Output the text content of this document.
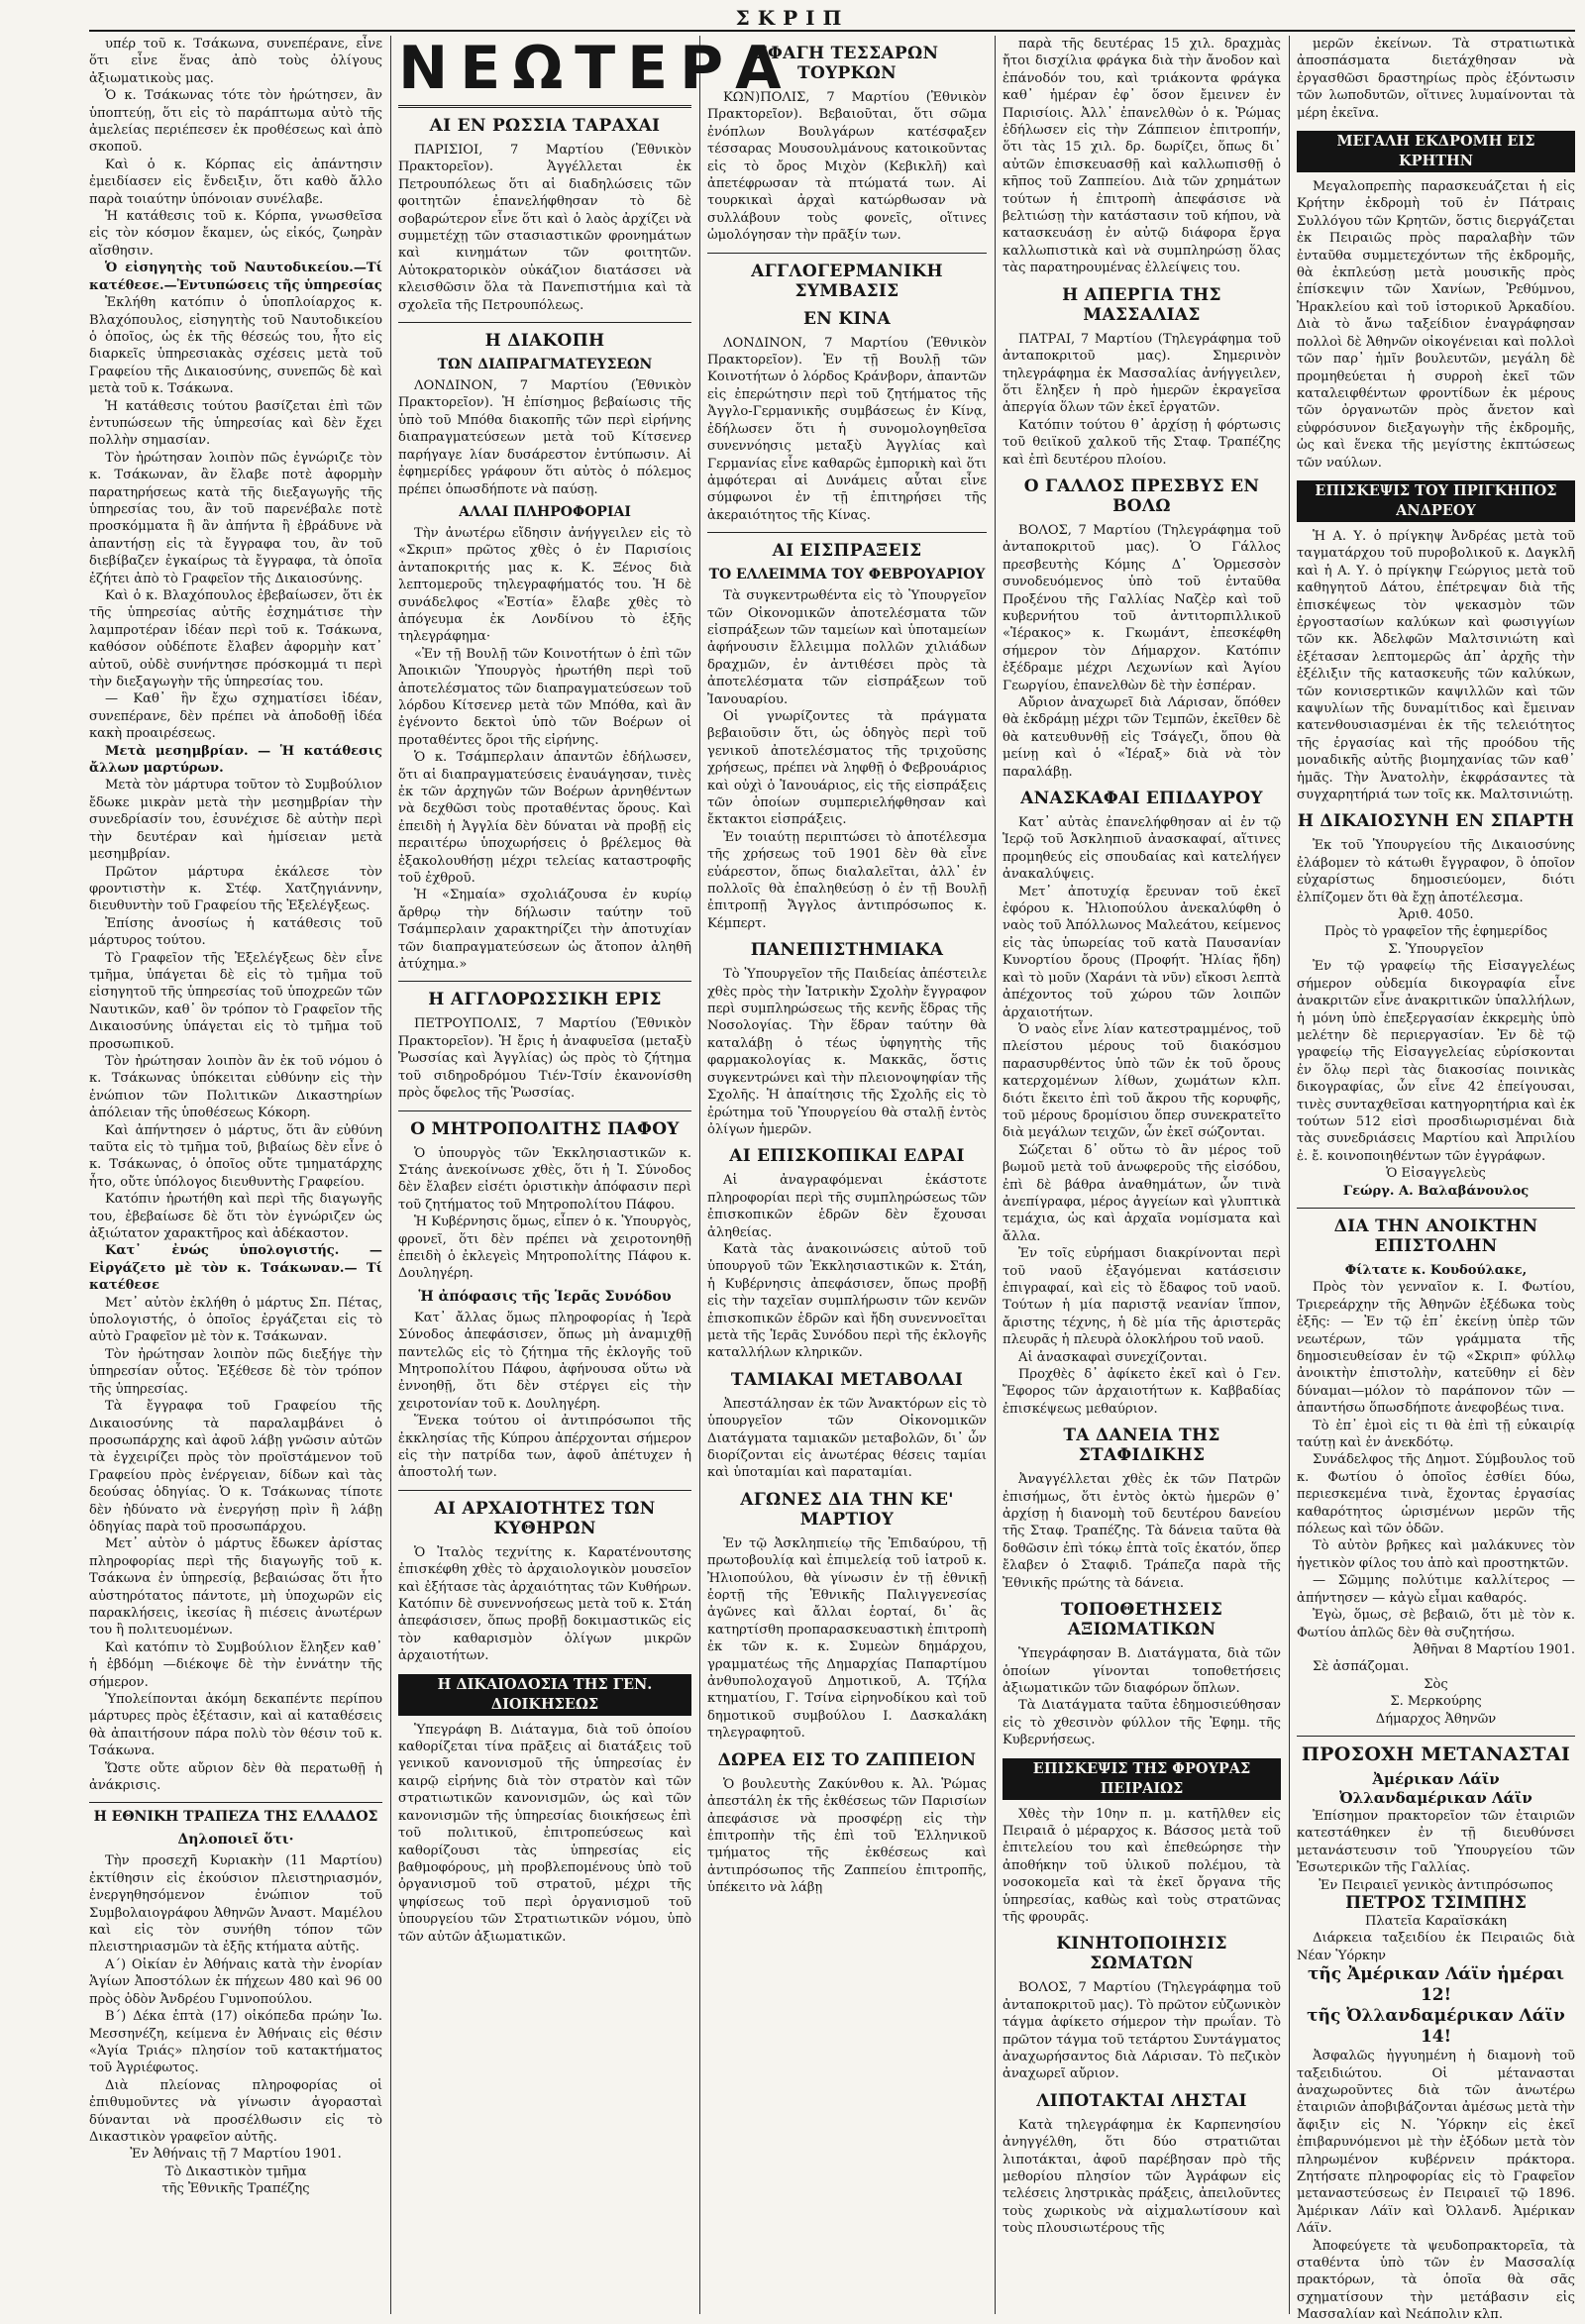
ΣΚΡΙΠ

υπέρ τοῦ κ. Τσάκωνα, συνεπέρανε, εἶνε ὅτι εἶνε ἕνας ἀπὸ τοὺς ὀλίγους ἀξιωματικοὺς μας.

Ὁ κ. Τσάκωνας τότε τὸν ἠρώτησεν, ἂν ὑποπτεύῃ, ὅτι εἰς τὸ παράπτωμα αὐτὸ τῆς ἀμελείας περιέπεσεν ἐκ προθέσεως καὶ ἀπὸ σκοποῦ.

Καὶ ὁ κ. Κόρπας εἰς ἀπάντησιν ἐμειδίασεν εἰς ἔνδειξιν, ὅτι καθὸ ἄλλο παρὰ τοιαύτην ὑπόνοιαν συνέλαβε.

Ἡ κατάθεσις τοῦ κ. Κόρπα, γνωσθεῖσα εἰς τὸν κόσμον ἔκαμεν, ὡς εἰκός, ζωηρὰν αἴσθησιν.

Ὁ εἰσηγητὴς τοῦ Ναυτοδικείου.—Τί κατέθεσε.—Ἐντυπώσεις τῆς ὑπηρεσίας

Ἐκλήθη κατόπιν ὁ ὑποπλοίαρχος κ. Βλαχόπουλος, εἰσηγητὴς τοῦ Ναυτοδικείου ὁ ὁποῖος, ὡς ἐκ τῆς θέσεώς του, ἦτο εἰς διαρκεῖς ὑπηρεσιακὰς σχέσεις μετὰ τοῦ Γραφείου τῆς Δικαιοσύνης, συνεπῶς δὲ καὶ μετὰ τοῦ κ. Τσάκωνα.

Ἡ κατάθεσις τούτου βασίζεται ἐπὶ τῶν ἐντυπώσεων τῆς ὑπηρεσίας καὶ δὲν ἔχει πολλὴν σημασίαν.

Τὸν ἠρώτησαν λοιπὸν πῶς ἐγνώριζε τὸν κ. Τσάκωναν, ἂν ἔλαβε ποτὲ ἀφορμὴν παρατηρήσεως κατὰ τῆς διεξαγωγῆς τῆς ὑπηρεσίας του, ἂν τοῦ παρενέβαλε ποτὲ προσκόμματα ἢ ἂν ἀπήντα ἢ ἐβράδυνε νὰ ἀπαντήσῃ εἰς τὰ ἔγγραφα του, ἂν τοῦ διεβίβαζεν ἐγκαίρως τὰ ἔγγραφα, τὰ ὁποῖα ἐζήτει ἀπὸ τὸ Γραφεῖον τῆς Δικαιοσύνης.

Καὶ ὁ κ. Βλαχόπουλος ἐβεβαίωσεν, ὅτι ἐκ τῆς ὑπηρεσίας αὐτῆς ἐσχημάτισε τὴν λαμπροτέραν ἰδέαν περὶ τοῦ κ. Τσάκωνα, καθόσον οὐδέποτε ἔλαβεν ἀφορμὴν κατ᾿ αὐτοῦ, οὐδὲ συνήντησε πρόσκομμά τι περὶ τὴν διεξαγωγὴν τῆς ὑπηρεσίας του.

— Καθ᾿ ἣν ἔχω σχηματίσει ἰδέαν, συνεπέρανε, δὲν πρέπει νὰ ἀποδοθῇ ἰδέα κακὴ προαιρέσεως.

Μετὰ μεσημβρίαν. — Ἡ κατάθεσις ἄλλων μαρτύρων.

Μετὰ τὸν μάρτυρα τοῦτον τὸ Συμβούλιον ἔδωκε μικρὰν μετὰ τὴν μεσημβρίαν τὴν συνεδρίασίν του, ἐσυνέχισε δὲ αὐτὴν περὶ τὴν δευτέραν καὶ ἡμίσειαν μετὰ μεσημβρίαν.

Πρῶτον μάρτυρα ἐκάλεσε τὸν φροντιστὴν κ. Στέφ. Χατζηγιάννην, διευθυντὴν τοῦ Γραφείου τῆς Ἐξελέγξεως.

Ἐπίσης ἀνοσίως ἡ κατάθεσις τοῦ μάρτυρος τούτου.

Τὸ Γραφεῖον τῆς Ἐξελέγξεως δὲν εἶνε τμῆμα, ὑπάγεται δὲ εἰς τὸ τμῆμα τοῦ εἰσηγητοῦ τῆς ὑπηρεσίας τοῦ ὑποχρεῶν τῶν Ναυτικῶν, καθ᾿ ὃν τρόπον τὸ Γραφεῖον τῆς Δικαιοσύνης ὑπάγεται εἰς τὸ τμῆμα τοῦ προσωπικοῦ.

Τὸν ἠρώτησαν λοιπὸν ἂν ἐκ τοῦ νόμου ὁ κ. Τσάκωνας ὑπόκειται εὐθύνην εἰς τὴν ἐνώπιον τῶν Πολιτικῶν Δικαστηρίων ἀπόλειαν τῆς ὑποθέσεως Κόκορη.

Καὶ ἀπήντησεν ὁ μάρτυς, ὅτι ἂν εὐθύνη ταῦτα εἰς τὸ τμῆμα τοῦ, βιβαίως δὲν εἶνε ὁ κ. Τσάκωνας, ὁ ὁποῖος οὔτε τμηματάρχης ἦτο, οὔτε ὑπόλογος διευθυντὴς Γραφείου.

Κατόπιν ἠρωτήθη καὶ περὶ τῆς διαγωγῆς του, ἐβεβαίωσε δὲ ὅτι τὸν ἐγνώριζεν ὡς ἀξιώτατον χαρακτῆρος καὶ ἀδέκαστον.

Κατ᾿ ἐνώς ὑπολογιστής. — Εἰργάζετο μὲ τὸν κ. Τσάκωναν.— Τί κατέθεσε

Μετ᾿ αὐτὸν ἐκλήθη ὁ μάρτυς Σπ. Πέτας, ὑπολογιστής, ὁ ὁποῖος ἐργάζεται εἰς τὸ αὐτὸ Γραφεῖον μὲ τὸν κ. Τσάκωναν.

Τὸν ἠρώτησαν λοιπὸν πῶς διεξήγε τὴν ὑπηρεσίαν οὗτος. Ἐξέθεσε δὲ τὸν τρόπον τῆς ὑπηρεσίας.

Τὰ ἔγγραφα τοῦ Γραφείου τῆς Δικαιοσύνης τὰ παραλαμβάνει ὁ προσωπάρχης καὶ ἀφοῦ λάβῃ γνῶσιν αὐτῶν τὰ ἐγχειρίζει πρὸς τὸν προϊστάμενον τοῦ Γραφείου πρὸς ἐνέργειαν, δίδων καὶ τὰς δεούσας ὁδηγίας. Ὁ κ. Τσάκωνας τίποτε δὲν ἠδύνατο νὰ ἐνεργήσῃ πρὶν ἢ λάβῃ ὁδηγίας παρὰ τοῦ προσωπάρχου.

Μετ᾿ αὐτὸν ὁ μάρτυς ἔδωκεν ἀρίστας πληροφορίας περὶ τῆς διαγωγῆς τοῦ κ. Τσάκωνα ἐν ὑπηρεσίᾳ, βεβαιώσας ὅτι ἦτο αὐστηρότατος πάντοτε, μὴ ὑποχωρῶν εἰς παρακλήσεις, ἱκεσίας ἢ πιέσεις ἀνωτέρων του ἢ πολιτευομένων.

Καὶ κατόπιν τὸ Συμβούλιον ἔληξεν καθ᾿ ἡ ἑβδόμη —διέκοψε δὲ τὴν ἐννάτην τῆς σήμερον.

Ὑπολείπονται ἀκόμη δεκαπέντε περίπου μάρτυρες πρὸς ἐξέτασιν, καὶ αἱ καταθέσεις θὰ ἀπαιτήσουν πάρα πολὺ τὸν θέσιν τοῦ κ. Τσάκωνα.

Ὥστε οὔτε αὔριον δὲν θὰ περατωθῇ ἡ ἀνάκρισις.

Η ΕΘΝΙΚΗ ΤΡΑΠΕΖΑ ΤΗΣ ΕΛΛΑΔΟΣ
Δηλοποιεῖ ὅτι·

Τὴν προσεχῆ Κυριακὴν (11 Μαρτίου) ἐκτίθησιν εἰς ἐκούσιον πλειστηριασμόν, ἐνεργηθησόμενον ἐνώπιον τοῦ Συμβολαιογράφου Ἀθηνῶν Ἀναστ. Μαμέλου καὶ εἰς τὸν συνήθη τόπον τῶν πλειστηριασμῶν τὰ ἑξῆς κτήματα αὐτῆς.

Α΄) Οἰκίαν ἐν Ἀθήναις κατὰ τὴν ἐνορίαν Ἁγίων Ἀποστόλων ἐκ πήχεων 480 καὶ 96 00 πρὸς ὁδὸν Ἀνδρέου Γυμνοπούλου.

Β΄) Δέκα ἑπτὰ (17) οἰκόπεδα πρώην Ἰω. Μεσσηνέζη, κείμενα ἐν Ἀθήναις εἰς θέσιν «Ἁγία Τριάς» πλησίον τοῦ κατακτήματος τοῦ Ἀγριέφωτος.

Διὰ πλείονας πληροφορίας οἱ ἐπιθυμοῦντες νὰ γίνωσιν ἀγορασταὶ δύνανται νὰ προσέλθωσιν εἰς τὸ Δικαστικὸν γραφεῖον αὐτῆς.

Ἐν Ἀθήναις τῇ 7 Μαρτίου 1901.

Τὸ Δικαστικὸν τμῆμα

τῆς Ἐθνικῆς Τραπέζης

ΝΕΩΤΕΡΑ
ΑΙ ΕΝ ΡΩΣΣΙΑ ΤΑΡΑΧΑΙ

ΠΑΡΙΣΙΟΙ, 7 Μαρτίου (Ἐθνικὸν Πρακτορεῖον). Ἀγγέλλεται ἐκ Πετρουπόλεως ὅτι αἱ διαδηλώσεις τῶν φοιτητῶν ἐπανελήφθησαν τὸ δὲ σοβαρώτερον εἶνε ὅτι καὶ ὁ λαὸς ἀρχίζει νὰ συμμετέχῃ τῶν στασιαστικῶν φρονημάτων καὶ κινημάτων τῶν φοιτητῶν. Αὐτοκρατορικὸν οὐκάζιον διατάσσει νὰ κλεισθῶσιν ὅλα τὰ Πανεπιστήμια καὶ τὰ σχολεῖα τῆς Πετρουπόλεως.

Η ΔΙΑΚΟΠΗ
ΤΩΝ ΔΙΑΠΡΑΓΜΑΤΕΥΣΕΩΝ

ΛΟΝΔΙΝΟΝ, 7 Μαρτίου (Ἐθνικὸν Πρακτορεῖον). Ἡ ἐπίσημος βεβαίωσις τῆς ὑπὸ τοῦ Μπόθα διακοπῆς τῶν περὶ εἰρήνης διαπραγματεύσεων μετὰ τοῦ Κίτσενερ παρήγαγε λίαν δυσάρεστον ἐντύπωσιν. Αἱ ἐφημερίδες γράφουν ὅτι αὐτὸς ὁ πόλεμος πρέπει ὁπωσδήποτε νὰ παύσῃ.

ΑΛΛΑΙ ΠΛΗΡΟΦΟΡΙΑΙ

Τὴν ἀνωτέρω εἴδησιν ἀνήγγειλεν εἰς τὸ «Σκριπ» πρῶτος χθὲς ὁ ἐν Παρισίοις ἀνταποκριτής μας κ. Κ. Ξένος διὰ λεπτομεροῦς τηλεγραφήματός του. Ἡ δὲ συνάδελφος «Ἑστία» ἔλαβε χθὲς τὸ ἀπόγευμα ἐκ Λονδίνου τὸ ἑξῆς τηλεγράφημα·

«Ἐν τῇ Βουλῇ τῶν Κοινοτήτων ὁ ἐπὶ τῶν Ἀποικιῶν Ὑπουργὸς ἠρωτήθη περὶ τοῦ ἀποτελέσματος τῶν διαπραγματεύσεων τοῦ λόρδου Κίτσενερ μετὰ τῶν Μπόθα, καὶ ἂν ἐγένοντο δεκτοὶ ὑπὸ τῶν Βοέρων οἱ προταθέντες ὅροι τῆς εἰρήνης.

Ὁ κ. Τσάμπερλαιν ἀπαντῶν ἐδήλωσεν, ὅτι αἱ διαπραγματεύσεις ἐναυάγησαν, τινὲς ἐκ τῶν ἀρχηγῶν τῶν Βοέρων ἀρνηθέντων νὰ δεχθῶσι τοὺς προταθέντας ὅρους. Καὶ ἐπειδὴ ἡ Ἀγγλία δὲν δύναται νὰ προβῇ εἰς περαιτέρω ὑποχωρήσεις ὁ βρέλεμος θὰ ἐξακολουθήσῃ μέχρι τελείας καταστροφῆς τοῦ ἐχθροῦ.

Ἡ «Σημαία» σχολιάζουσα ἐν κυρίῳ ἄρθρῳ τὴν δήλωσιν ταύτην τοῦ Τσάμπερλαιν χαρακτηρίζει τὴν ἀποτυχίαν τῶν διαπραγματεύσεων ὡς ἄτοπον ἀληθῆ ἀτύχημα.»

Η ΑΓΓΛΟΡΩΣΣΙΚΗ ΕΡΙΣ

ΠΕΤΡΟΥΠΟΛΙΣ, 7 Μαρτίου (Ἐθνικὸν Πρακτορεῖον). Ἡ ἔρις ἡ ἀναφυεῖσα (μεταξὺ Ῥωσσίας καὶ Ἀγγλίας) ὡς πρὸς τὸ ζήτημα τοῦ σιδηροδρόμου Τιέν-Τσίν ἐκανονίσθη πρὸς ὄφελος τῆς Ῥωσσίας.

Ο ΜΗΤΡΟΠΟΛΙΤΗΣ ΠΑΦΟΥ

Ὁ ὑπουργὸς τῶν Ἐκκλησιαστικῶν κ. Στάης ἀνεκοίνωσε χθὲς, ὅτι ἡ Ἱ. Σύνοδος δὲν ἔλαβεν εἰσέτι ὁριστικὴν ἀπόφασιν περὶ τοῦ ζητήματος τοῦ Μητροπολίτου Πάφου.

Ἡ Κυβέρνησις ὅμως, εἶπεν ὁ κ. Ὑπουργὸς, φρονεῖ, ὅτι δὲν πρέπει νὰ χειροτονηθῇ ἐπειδὴ ὁ ἐκλεγεὶς Μητροπολίτης Πάφου κ. Δουληγέρη.

Ἡ ἀπόφασις τῆς Ἱερᾶς Συνόδου

Κατ᾿ ἄλλας ὅμως πληροφορίας ἡ Ἱερὰ Σύνοδος ἀπεφάσισεν, ὅπως μὴ ἀναμιχθῇ παντελῶς εἰς τὸ ζήτημα τῆς ἐκλογῆς τοῦ Μητροπολίτου Πάφου, ἀφήνουσα οὕτω νὰ ἐννοηθῇ, ὅτι δὲν στέργει εἰς τὴν χειροτονίαν τοῦ κ. Δουληγέρη.

Ἕνεκα τούτου οἱ ἀντιπρόσωποι τῆς ἐκκλησίας τῆς Κύπρου ἀπέρχονται σήμερον εἰς τὴν πατρίδα των, ἀφοῦ ἀπέτυχεν ἡ ἀποστολή των.

ΑΙ ΑΡΧΑΙΟΤΗΤΕΣ ΤΩΝ ΚΥΘΗΡΩΝ

Ὁ Ἰταλὸς τεχνίτης κ. Καρατένουτσης ἐπισκέφθη χθὲς τὸ ἀρχαιολογικὸν μουσεῖον καὶ ἐξήτασε τὰς ἀρχαιότητας τῶν Κυθήρων. Κατόπιν δὲ συνεννοήσεως μετὰ τοῦ κ. Στάη ἀπεφάσισεν, ὅπως προβῇ δοκιμαστικῶς εἰς τὸν καθαρισμὸν ὀλίγων μικρῶν ἀρχαιοτήτων.

Η ΔΙΚΑΙΟΔΟΣΙΑ ΤΗΣ ΓΕΝ. ΔΙΟΙΚΗΣΕΩΣ

Ὑπεγράφη Β. Διάταγμα, διὰ τοῦ ὁποίου καθορίζεται τίνα πρᾶξεις αἱ διατάξεις τοῦ γενικοῦ κανονισμοῦ τῆς ὑπηρεσίας ἐν καιρῷ εἰρήνης διὰ τὸν στρατὸν καὶ τῶν στρατιωτικῶν κανονισμῶν, ὡς καὶ τῶν κανονισμῶν τῆς ὑπηρεσίας διοικήσεως ἐπὶ τοῦ πολιτικοῦ, ἐπιτροπεύσεως καὶ καθορίζουσι τὰς ὑπηρεσίας εἰς βαθμοφόρους, μὴ προβλεπομένους ὑπὸ τοῦ ὀργανισμοῦ τοῦ στρατοῦ, μέχρι τῆς ψηφίσεως τοῦ περὶ ὀργανισμοῦ τοῦ ὑπουργείου τῶν Στρατιωτικῶν νόμου, ὑπὸ τῶν αὐτῶν ἀξιωματικῶν.

ΣΦΑΓΗ ΤΕΣΣΑΡΩΝ ΤΟΥΡΚΩΝ

ΚΩΝ)ΠΟΛΙΣ, 7 Μαρτίου (Ἐθνικὸν Πρακτορεῖον). Βεβαιοῦται, ὅτι σῶμα ἐνόπλων Βουλγάρων κατέσφαξεν τέσσαρας Μουσουλμάνους κατοικοῦντας εἰς τὸ ὄρος Μιχὸν (Κεβικλῆ) καὶ ἀπετέφρωσαν τὰ πτώματά των. Αἱ τουρκικαὶ ἀρχαὶ κατώρθωσαν νὰ συλλάβουν τοὺς φονεῖς, οἵτινες ὡμολόγησαν τὴν πρᾶξίν των.

ΑΓΓΛΟΓΕΡΜΑΝΙΚΗ ΣΥΜΒΑΣΙΣ
ΕΝ ΚΙΝΑ

ΛΟΝΔΙΝΟΝ, 7 Μαρτίου (Ἐθνικὸν Πρακτορεῖον). Ἐν τῇ Βουλῇ τῶν Κοινοτήτων ὁ λόρδος Κράνβορν, ἀπαντῶν εἰς ἐπερώτησιν περὶ τοῦ ζητήματος τῆς Ἀγγλο-Γερμανικῆς συμβάσεως ἐν Κίνᾳ, ἐδήλωσεν ὅτι ἡ συνομολογηθεῖσα συνεννόησις μεταξὺ Ἀγγλίας καὶ Γερμανίας εἶνε καθαρῶς ἐμπορικὴ καὶ ὅτι ἀμφότεραι αἱ Δυνάμεις αὗται εἶνε σύμφωνοι ἐν τῇ ἐπιτηρήσει τῆς ἀκεραιότητος τῆς Κίνας.

ΑΙ ΕΙΣΠΡΑΞΕΙΣ
ΤΟ ΕΛΛΕΙΜΜΑ ΤΟΥ ΦΕΒΡΟΥΑΡΙΟΥ

Τὰ συγκεντρωθέντα εἰς τὸ Ὑπουργεῖον τῶν Οἰκονομικῶν ἀποτελέσματα τῶν εἰσπράξεων τῶν ταμείων καὶ ὑποταμείων ἀφήνουσιν ἔλλειμμα πολλῶν χιλιάδων δραχμῶν, ἐν ἀντιθέσει πρὸς τὰ ἀποτελέσματα τῶν εἰσπράξεων τοῦ Ἰανουαρίου.

Οἱ γνωρίζοντες τὰ πράγματα βεβαιοῦσιν ὅτι, ὡς ὁδηγὸς περὶ τοῦ γενικοῦ ἀποτελέσματος τῆς τριχοῦσης χρήσεως, πρέπει νὰ ληφθῇ ὁ Φεβρουάριος καὶ οὐχὶ ὁ Ἰανουάριος, εἰς τῆς εἰσπράξεις τῶν ὁποίων συμπεριελήφθησαν καὶ ἔκτακτοι εἰσπράξεις.

Ἐν τοιαύτῃ περιπτώσει τὸ ἀποτέλεσμα τῆς χρήσεως τοῦ 1901 δὲν θὰ εἶνε εὐάρεστον, ὅπως διαλαλεῖται, ἀλλ᾿ ἐν πολλοῖς θὰ ἐπαληθεύσῃ ὁ ἐν τῇ Βουλῇ ἐπιτροπῇ Ἄγγλος ἀντιπρόσωπος κ. Κέμπερτ.

ΠΑΝΕΠΙΣΤΗΜΙΑΚΑ

Τὸ Ὑπουργεῖον τῆς Παιδείας ἀπέστειλε χθὲς πρὸς τὴν Ἰατρικὴν Σχολὴν ἔγγραφον περὶ συμπληρώσεως τῆς κενῆς ἕδρας τῆς Νοσολογίας. Τὴν ἕδραν ταύτην θὰ καταλάβῃ ὁ τέως ὑφηγητὴς τῆς φαρμακολογίας κ. Μακκᾶς, ὅστις συγκεντρώνει καὶ τὴν πλειονοψηφίαν τῆς Σχολῆς. Ἡ ἀπαίτησις τῆς Σχολῆς εἰς τὸ ἐρώτημα τοῦ Ὑπουργείου θὰ σταλῇ ἐντὸς ὀλίγων ἡμερῶν.

ΑΙ ΕΠΙΣΚΟΠΙΚΑΙ ΕΔΡΑΙ

Αἱ ἀναγραφόμεναι ἑκάστοτε πληροφορίαι περὶ τῆς συμπληρώσεως τῶν ἐπισκοπικῶν ἑδρῶν δὲν ἔχουσαι ἀληθείας.

Κατὰ τὰς ἀνακοινώσεις αὐτοῦ τοῦ ὑπουργοῦ τῶν Ἐκκλησιαστικῶν κ. Στάη, ἡ Κυβέρνησις ἀπεφάσισεν, ὅπως προβῇ εἰς τὴν ταχεῖαν συμπλήρωσιν τῶν κενῶν ἐπισκοπικῶν ἑδρῶν καὶ ἤδη συνεννοεῖται μετὰ τῆς Ἱερᾶς Συνόδου περὶ τῆς ἐκλογῆς καταλλήλων κληρικῶν.

ΤΑΜΙΑΚΑΙ ΜΕΤΑΒΟΛΑΙ

Ἀπεστάλησαν ἐκ τῶν Ἀνακτόρων εἰς τὸ ὑπουργεῖον τῶν Οἰκονομικῶν Διατάγματα ταμιακῶν μεταβολῶν, δι᾿ ὧν διορίζονται εἰς ἀνωτέρας θέσεις ταμίαι καὶ ὑποταμίαι καὶ παραταμίαι.

ΑΓΩΝΕΣ ΔΙΑ ΤΗΝ ΚΕ' ΜΑΡΤΙΟΥ

Ἐν τῷ Ἀσκληπιείῳ τῆς Ἐπιδαύρου, τῇ πρωτοβουλίᾳ καὶ ἐπιμελείᾳ τοῦ ἰατροῦ κ. Ἠλιοπούλου, θὰ γίνωσιν ἐν τῇ ἐθνικῇ ἑορτῇ τῆς Ἐθνικῆς Παλιγγενεσίας ἀγῶνες καὶ ἄλλαι ἑορταί, δι᾿ ἃς κατηρτίσθη προπαρασκευαστικὴ ἐπιτροπὴ ἐκ τῶν κ. κ. Συμεὼν δημάρχου, γραμματέως τῆς Δημαρχίας Παπαρτίμου ἀνθυπολοχαγοῦ Δημοτικοῦ, Α. Τζήλα κτηματίου, Γ. Τσίνα εἰρηνοδίκου καὶ τοῦ δημοτικοῦ συμβούλου Ι. Δασκαλάκη τηλεγραφητοῦ.

ΔΩΡΕΑ ΕΙΣ ΤΟ ΖΑΠΠΕΙΟΝ

Ὁ βουλευτὴς Ζακύνθου κ. Ἀλ. Ῥώμας ἀπεστάλη ἐκ τῆς ἐκθέσεως τῶν Παρισίων ἀπεφάσισε νὰ προσφέρῃ εἰς τὴν ἐπιτροπὴν τῆς ἐπὶ τοῦ Ἑλληνικοῦ τμήματος τῆς ἐκθέσεως καὶ ἀντιπρόσωπος τῆς Ζαππείου ἐπιτροπῆς, ὑπέκειτο νὰ λάβῃ

παρὰ τῆς δευτέρας 15 χιλ. δραχμὰς ἤτοι δισχίλια φράγκα διὰ τὴν ἄνοδον καὶ ἐπάνοδόν του, καὶ τριάκοντα φράγκα καθ᾿ ἡμέραν ἐφ᾿ ὅσον ἔμεινεν ἐν Παρισίοις. Ἀλλ᾿ ἐπανελθὼν ὁ κ. Ῥώμας ἐδήλωσεν εἰς τὴν Ζάππειον ἐπιτροπήν, ὅτι τὰς 15 χιλ. δρ. δωρίζει, ὅπως δι᾿ αὐτῶν ἐπισκευασθῇ καὶ καλλωπισθῇ ὁ κῆπος τοῦ Ζαππείου. Διὰ τῶν χρημάτων τούτων ἡ ἐπιτροπὴ ἀπεφάσισε νὰ βελτιώσῃ τὴν κατάστασιν τοῦ κήπου, νὰ κατασκευάσῃ ἐν αὐτῷ διάφορα ἔργα καλλωπιστικὰ καὶ νὰ συμπληρώσῃ ὅλας τὰς παρατηρουμένας ἐλλείψεις του.

Η ΑΠΕΡΓΙΑ ΤΗΣ ΜΑΣΣΑΛΙΑΣ

ΠΑΤΡΑΙ, 7 Μαρτίου (Τηλεγράφημα τοῦ ἀνταποκριτοῦ μας). Σημερινὸν τηλεγράφημα ἐκ Μασσαλίας ἀνήγγειλεν, ὅτι ἔληξεν ἡ πρὸ ἡμερῶν ἐκραγεῖσα ἀπεργία ὅλων τῶν ἐκεῖ ἐργατῶν.

Κατόπιν τούτου θ᾿ ἀρχίσῃ ἡ φόρτωσις τοῦ θειϊκοῦ χαλκοῦ τῆς Σταφ. Τραπέζης καὶ ἐπὶ δευτέρου πλοίου.

Ο ΓΑΛΛΟΣ ΠΡΕΣΒΥΣ ΕΝ ΒΟΛΩ

ΒΟΛΟΣ, 7 Μαρτίου (Τηλεγράφημα τοῦ ἀνταποκριτοῦ μας). Ὁ Γάλλος πρεσβευτὴς Κόμης Δ᾿ Ὁρμεσσὸν συνοδευόμενος ὑπὸ τοῦ ἐνταῦθα Προξένου τῆς Γαλλίας Ναζὲρ καὶ τοῦ κυβερνήτου τοῦ ἀντιτορπιλλικοῦ «Ἱέρακος» κ. Γκωμάντ, ἐπεσκέφθη σήμερον τὸν Δήμαρχον. Κατόπιν ἐξέδραμε μέχρι Λεχωνίων καὶ Ἁγίου Γεωργίου, ἐπανελθὼν δὲ τὴν ἑσπέραν.

Αὔριον ἀναχωρεῖ διὰ Λάρισαν, ὅπόθεν θὰ ἐκδράμῃ μέχρι τῶν Τεμπῶν, ἐκεῖθεν δὲ θὰ κατευθυνθῇ εἰς Τσάγεζι, ὅπου θὰ μείνῃ καὶ ὁ «Ἱέραξ» διὰ νὰ τὸν παραλάβῃ.

ΑΝΑΣΚΑΦΑΙ ΕΠΙΔΑΥΡΟΥ

Κατ᾿ αὐτὰς ἐπανελήφθησαν αἱ ἐν τῷ Ἱερῷ τοῦ Ἀσκληπιοῦ ἀνασκαφαί, αἵτινες προμηθεύς εἰς σπουδαίας καὶ κατελήγεν ἀνακαλύψεις.

Μετ᾿ ἀποτυχίᾳ ἔρευναν τοῦ ἐκεῖ ἐφόρου κ. Ἠλιοπούλου ἀνεκαλύφθη ὁ ναὸς τοῦ Ἀπόλλωνος Μαλεάτου, κείμενος εἰς τὰς ὑπωρείας τοῦ κατὰ Παυσανίαν Κυνορτίου ὄρους (Προφήτ. Ἠλίας ἤδη) καὶ τὸ μοῦν (Χαράνι τὰ νῦν) εἴκοσι λεπτὰ ἀπέχοντος τοῦ χώρου τῶν λοιπῶν ἀρχαιοτήτων.

Ὁ ναὸς εἶνε λίαν κατεστραμμένος, τοῦ πλείστου μέρους τοῦ διακόσμου παρασυρθέντος ὑπὸ τῶν ἐκ τοῦ ὄρους κατερχομένων λίθων, χωμάτων κλπ. διότι ἔκειτο ἐπὶ τοῦ ἄκρου τῆς κορυφῆς, τοῦ μέρους δρομίσιου ὅπερ συνεκρατεῖτο διὰ μεγάλων τειχῶν, ὧν ἐκεῖ σώζονται.

Σώζεται δ᾿ οὕτω τὸ ἂν μέρος τοῦ βωμοῦ μετὰ τοῦ ἀνωφεροῦς τῆς εἰσόδου, ἐπὶ δὲ βάθρα ἀναθημάτων, ὧν τινὰ ἀνεπίγραφα, μέρος ἀγγείων καὶ γλυπτικὰ τεμάχια, ὡς καὶ ἀρχαῖα νομίσματα καὶ ἄλλα.

Ἐν τοῖς εὑρήμασι διακρίνονται περὶ τοῦ ναοῦ ἐξαγόμεναι κατάσεισιν ἐπιγραφαί, καὶ εἰς τὸ ἔδαφος τοῦ ναοῦ. Τούτων ἡ μία παριστᾷ νεανίαν ἵππον, ἄριστης τέχνης, ἡ δὲ μία τῆς ἀριστερᾶς πλευρᾶς ἡ πλευρὰ ὁλοκλήρου τοῦ ναοῦ.

Αἱ ἀνασκαφαὶ συνεχίζονται.

Προχθὲς δ᾿ ἀφίκετο ἐκεῖ καὶ ὁ Γεν. Ἔφορος τῶν ἀρχαιοτήτων κ. Καββαδίας ἐπισκέψεως μεθαύριον.

ΤΑ ΔΑΝΕΙΑ ΤΗΣ ΣΤΑΦΙΔΙΚΗΣ

Ἀναγγέλλεται χθὲς ἐκ τῶν Πατρῶν ἐπισήμως, ὅτι ἐντὸς ὀκτὼ ἡμερῶν θ᾿ ἀρχίσῃ ἡ διανομὴ τοῦ δευτέρου δανείου τῆς Σταφ. Τραπέζης. Τὰ δάνεια ταῦτα θὰ δοθῶσιν ἐπὶ τόκῳ ἑπτὰ τοῖς ἑκατόν, ὅπερ ἔλαβεν ὁ Σταφιδ. Τράπεζα παρὰ τῆς Ἐθνικῆς πρώτης τὰ δάνεια.

ΤΟΠΟΘΕΤΗΣΕΙΣ ΑΞΙΩΜΑΤΙΚΩΝ

Ὑπεγράφησαν Β. Διατάγματα, διὰ τῶν ὁποίων γίνονται τοποθετήσεις ἀξιωματικῶν τῶν διαφόρων ὅπλων.

Τὰ Διατάγματα ταῦτα ἐδημοσιεύθησαν εἰς τὸ χθεσινὸν φύλλον τῆς Ἐφημ. τῆς Κυβερνήσεως.

ΕΠΙΣΚΕΨΙΣ ΤΗΣ ΦΡΟΥΡΑΣ ΠΕΙΡΑΙΩΣ

Χθὲς τὴν 10ην π. μ. κατῆλθεν εἰς Πειραιᾶ ὁ μέραρχος κ. Βάσσος μετὰ τοῦ ἐπιτελείου του καὶ ἐπεθεώρησε τὴν ἀποθήκην τοῦ ὑλικοῦ πολέμου, τὰ νοσοκομεῖα καὶ τὰ ἐκεῖ ὄργανα τῆς ὑπηρεσίας, καθὼς καὶ τοὺς στρατῶνας τῆς φρουρᾶς.

ΚΙΝΗΤΟΠΟΙΗΣΙΣ ΣΩΜΑΤΩΝ

ΒΟΛΟΣ, 7 Μαρτίου (Τηλεγράφημα τοῦ ἀνταποκριτοῦ μας). Τὸ πρῶτον εὐζωνικὸν τάγμα ἀφίκετο σήμερον τὴν πρωΐαν. Τὸ πρῶτον τάγμα τοῦ τετάρτου Συντάγματος ἀναχωρήσαντος διὰ Λάρισαν. Τὸ πεζικὸν ἀναχωρεῖ αὔριον.

ΛΙΠΟΤΑΚΤΑΙ ΛΗΣΤΑΙ

Κατὰ τηλεγράφημα ἐκ Καρπενησίου ἀνηγγέλθη, ὅτι δύο στρατιῶται λιποτάκται, ἀφοῦ παρέβησαν πρὸ τῆς μεθορίου πλησίον τῶν Ἀγράφων εἰς τελέσεις ληστρικὰς πράξεις, ἀπειλοῦντες τοὺς χωρικοὺς νὰ αἰχμαλωτίσουν καὶ τοὺς πλουσιωτέρους τῆς

μερῶν ἐκείνων. Τὰ στρατιωτικὰ ἀποσπάσματα διετάχθησαν νὰ ἐργασθῶσι δραστηρίως πρὸς ἐξόντωσιν τῶν λωποδυτῶν, οἵτινες λυμαίνονται τὰ μέρη ἐκεῖνα.

ΜΕΓΑΛΗ ΕΚΔΡΟΜΗ ΕΙΣ ΚΡΗΤΗΝ

Μεγαλοπρεπὴς παρασκευάζεται ἡ εἰς Κρήτην ἐκδρομὴ τοῦ ἐν Πάτραις Συλλόγου τῶν Κρητῶν, ὅστις διεργάζεται ἐκ Πειραιῶς πρὸς παραλαβὴν τῶν ἐνταῦθα συμμετεχόντων τῆς ἐκδρομῆς, θὰ ἐκπλεύσῃ μετὰ μουσικῆς πρὸς ἐπίσκεψιν τῶν Χανίων, Ῥεθύμνου, Ἡρακλείου καὶ τοῦ ἱστορικοῦ Ἀρκαδίου. Διὰ τὸ ἄνω ταξείδιον ἐναγράφησαν πολλοὶ δὲ Ἀθηνῶν οἰκογένειαι καὶ πολλοὶ τῶν παρ᾿ ἡμῖν βουλευτῶν, μεγάλη δὲ προμηθεύεται ἡ συρροὴ ἐκεῖ τῶν καταλειφθέντων φροντίδων ἐκ μέρους τῶν ὀργανωτῶν πρὸς ἄνετον καὶ εὐφρόσυνον διεξαγωγὴν τῆς ἐκδρομῆς, ὡς καὶ ἕνεκα τῆς μεγίστης ἐκπτώσεως τῶν ναύλων.

ΕΠΙΣΚΕΨΙΣ ΤΟΥ ΠΡΙΓΚΗΠΟΣ ΑΝΔΡΕΟΥ

Ἡ Α. Υ. ὁ πρίγκηψ Ἀνδρέας μετὰ τοῦ ταγματάρχου τοῦ πυροβολικοῦ κ. Δαγκλῆ καὶ ἡ Α. Υ. ὁ πρίγκηψ Γεώργιος μετὰ τοῦ καθηγητοῦ Δάτου, ἐπέτρεψαν διὰ τῆς ἐπισκέψεως τὸν ψεκασμὸν τῶν ἐργοστασίων καλύκων καὶ φωσιγγίων τῶν κκ. Ἀδελφῶν Μαλτσινιώτη καὶ ἐξέτασαν λεπτομερῶς ἀπ᾿ ἀρχῆς τὴν ἐξέλιξιν τῆς κατασκευῆς τῶν καλύκων, τῶν κονισερτικῶν καψιλλῶν καὶ τῶν καψυλίων τῆς δυναμίτιδος καὶ ἔμειναν κατενθουσιασμέναι ἐκ τῆς τελειότητος τῆς ἐργασίας καὶ τῆς προόδου τῆς μοναδικῆς αὐτῆς βιομηχανίας τῶν καθ᾿ ἡμᾶς. Τὴν Ἀνατολὴν, ἐκφράσαντες τὰ συγχαρητήριά των τοῖς κκ. Μαλτσινιώτῃ.

Η ΔΙΚΑΙΟΣΥΝΗ ΕΝ ΣΠΑΡΤΗ

Ἐκ τοῦ Ὑπουργείου τῆς Δικαιοσύνης ἐλάβομεν τὸ κάτωθι ἔγγραφον, ὃ ὁποῖον εὐχαρίστως δημοσιεύομεν, διότι ἐλπίζομεν ὅτι θὰ ἔχῃ ἀποτέλεσμα.

Ἀριθ. 4050.

Πρὸς τὸ γραφεῖον τῆς ἐφημερίδος

Σ. Ὑπουργεῖον

Ἐν τῷ γραφείῳ τῆς Εἰσαγγελέως σήμερον οὐδεμία δικογραφία εἶνε ἀνακριτῶν εἶνε ἀνακριτικῶν ὑπαλλήλων, ἡ μόνη ὑπὸ ἐπεξεργασίαν ἐκκρεμὴς ὑπὸ μελέτην δὲ περιεργασίαν. Ἐν δὲ τῷ γραφείῳ τῆς Εἰσαγγελείας εὑρίσκονται ἐν ὅλῳ περὶ τὰς διακοσίας ποινικὰς δικογραφίας, ὧν εἶνε 42 ἐπείγουσαι, τινὲς συνταχθεῖσαι κατηγορητήρια καὶ ἐκ τούτων 512 εἰσὶ προσδιωρισμέναι διὰ τὰς συνεδριάσεις Μαρτίου καὶ Ἀπριλίου ἐ. ἔ. κοινοποιηθέντων τῶν ἐγγράφων.

Ὁ Εἰσαγγελεὺς

Γεώργ. Α. Βαλαβάνουλος

ΔΙΑ ΤΗΝ ΑΝΟΙΚΤΗΝ ΕΠΙΣΤΟΛΗΝ

Φίλτατε κ. Κουδούλακε,

Πρὸς τὸν γενναῖον κ. Ι. Φωτίου, Τριερεάρχην τῆς Ἀθηνῶν ἐξέδωκα τοὺς ἑξῆς: — Ἐν τῷ ἐπ᾿ ἐκείνῃ ὑπὲρ τῶν νεωτέρων, τῶν γράμματα τῆς δημοσιευθείσαν ἐν τῷ «Σκριπ» φύλλῳ ἀνοικτὴν ἐπιστολὴν, κατεῦθην εἰ δὲν δύναμαι—μόλον τὸ παράπονον τῶν — ἀπαντήσω ὅπωσδήποτε ἀνεφοβέως τινα.

Τὸ ἐπ᾿ ἐμοὶ εἰς τι θὰ ἐπὶ τῇ εὐκαιρίᾳ ταύτῃ καὶ ἐν ἀνεκδότῳ.

Συνάδελφος τῆς Δημοτ. Σύμβουλος τοῦ κ. Φωτίου ὁ ὁποῖος ἐσθίει δύω, περιεσκεμένα τινὰ, ἔχοντας ἐργασίας καθαρότητος ὡρισμένων μερῶν τῆς πόλεως καὶ τῶν ὁδῶν.

Τὸ αὐτὸν βρῆκες καὶ μαλάκυνες τὸν ἡγετικὸν φίλος του ἀπὸ καὶ προστηκτῶν.

— Σῶμμης πολύτιμε καλλίτερος — ἀπήντησεν — κἀγὼ εἶμαι καθαρός.

Ἐγὼ, ὅμως, σὲ βεβαιῶ, ὅτι μὲ τὸν κ. Φωτίου ἁπλῶς δὲν θὰ συζητήσω.

Ἀθῆναι 8 Μαρτίου 1901.

Σὲ ἀσπάζομαι.

Σὸς

Σ. Μερκούρης

Δήμαρχος Ἀθηνῶν

ΠΡΟΣΟΧΗ ΜΕΤΑΝΑΣΤΑΙ
Ἀμέρικαν Λάϊν
Ὀλλανδαμέρικαν Λάϊν

Ἐπίσημον πρακτορεῖον τῶν ἑταιριῶν κατεστάθηκεν ἐν τῇ διευθύνσει μετανάστευσιν τοῦ Ὑπουργείου τῶν Ἐσωτερικῶν τῆς Γαλλίας.

Ἐν Πειραιεῖ γενικὸς ἀντιπρόσωπος

ΠΕΤΡΟΣ ΤΣΙΜΠΗΣ

Πλατεῖα Καραϊσκάκη

Διάρκεια ταξειδίου ἐκ Πειραιῶς διὰ Νέαν Ὑόρκην

τῆς Ἀμέρικαν Λάϊν ἡμέραι 12!

τῆς Ὀλλανδαμέρικαν Λάϊν 14!

Ἀσφαλῶς ἠγγυημένη ἡ διαμονὴ τοῦ ταξειδιώτου. Οἱ μέτανασται ἀναχωροῦντες διὰ τῶν ἀνωτέρω ἑταιριῶν ἀποβιβάζονται ἀμέσως μετὰ τὴν ἄφιξιν εἰς Ν. Ὑόρκην εἰς ἐκεῖ ἐπιβαρυνόμενοι μὲ τὴν ἐξόδων μετὰ τὸν πληρωμένον κυβέρνειν πράκτορα. Ζητήσατε πληροφορίας εἰς τὸ Γραφεῖον μεταναστεύσεως ἐν Πειραιεῖ τῷ 1896. Ἀμέρικαν Λάϊν καὶ Ὀλλανδ. Ἀμέρικαν Λάϊν.

Ἀποφεύγετε τὰ ψευδοπρακτορεῖα, τὰ σταθέντα ὑπὸ τῶν ἐν Μασσαλίᾳ πρακτόρων, τὰ ὁποῖα θὰ σᾶς σχηματίσουν τὴν μετάβασιν εἰς Μασσαλίαν καὶ Νεάπολιν κλπ.
